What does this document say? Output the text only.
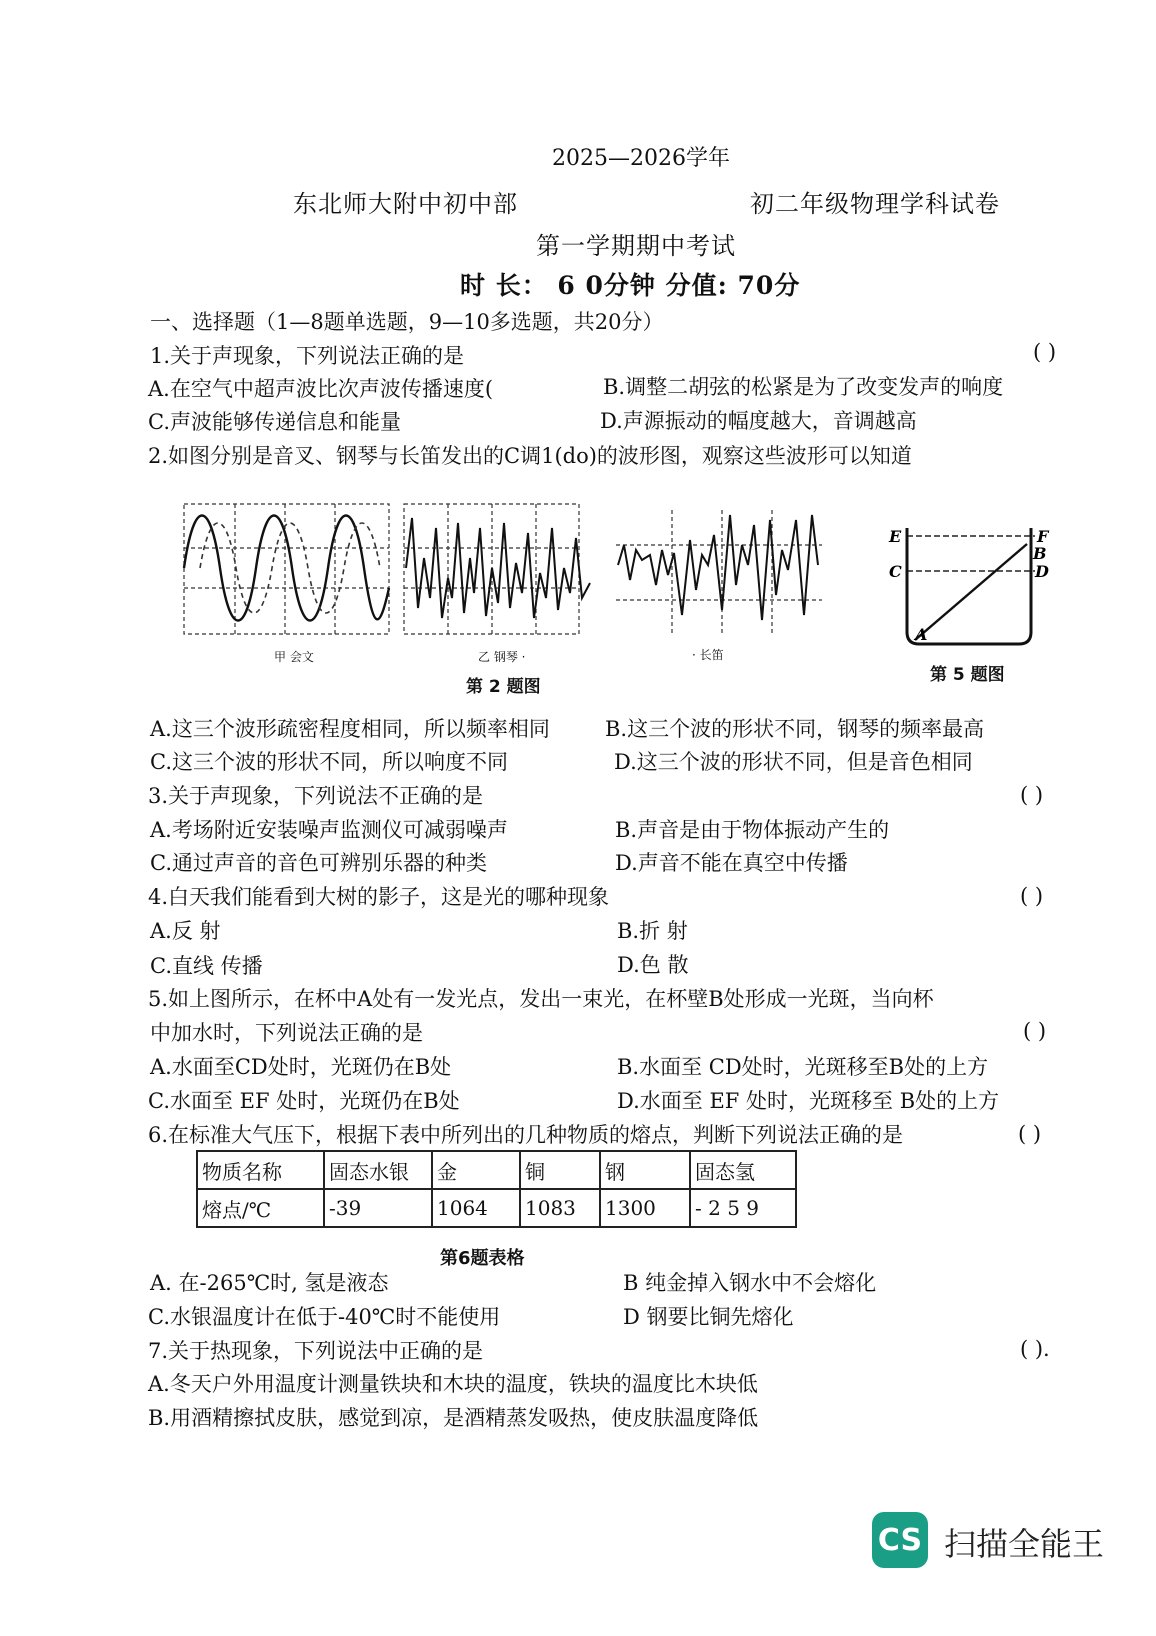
2025—2026学年
东北师大附中初中部	初二年级物理学科试卷
第一学期期中考试
时 长： 6 0分钟 分值: 70分
一、选择题（1—8题单选题，9—10多选题，共20分）
1.关于声现象，下列说法正确的是	( )
A.在空气中超声波比次声波传播速度(	B.调整二胡弦的松紧是为了改变发声的响度
C.声波能够传递信息和能量	D.声源振动的幅度越大，音调越高
2.如图分别是音叉、钢琴与长笛发出的C调1(do)的波形图，观察这些波形可以知道
E	F
B
C	D
A
甲 会文	乙 钢琴 ·	· 长笛
第 2 题图
第 5 题图
A.这三个波形疏密程度相同，所以频率相同	B.这三个波的形状不同，钢琴的频率最高
C.这三个波的形状不同，所以响度不同	D.这三个波的形状不同，但是音色相同
3.关于声现象，下列说法不正确的是	( )
A.考场附近安装噪声监测仪可减弱噪声	B.声音是由于物体振动产生的
C.通过声音的音色可辨别乐器的种类	D.声音不能在真空中传播
4.白天我们能看到大树的影子，这是光的哪种现象	( )
A.反 射	B.折 射
C.直线 传播	D.色 散
5.如上图所示，在杯中A处有一发光点，发出一束光，在杯壁B处形成一光斑，当向杯
中加水时，下列说法正确的是	( )
A.水面至CD处时，光斑仍在B处	B.水面至 CD处时，光斑移至B处的上方
C.水面至 EF 处时，光斑仍在B处	D.水面至 EF 处时，光斑移至 B处的上方
6.在标准大气压下，根据下表中所列出的几种物质的熔点，判断下列说法正确的是	( )
物质名称	固态水银	金	铜	钢	固态氢
熔点/℃	-39	1064	1083	1300	- 2 5 9
第6题表格
A. 在-265℃时, 氢是液态	B 纯金掉入钢水中不会熔化
C.水银温度计在低于-40℃时不能使用	D 钢要比铜先熔化
7.关于热现象，下列说法中正确的是	( ).
A.冬天户外用温度计测量铁块和木块的温度，铁块的温度比木块低
B.用酒精擦拭皮肤，感觉到凉，是酒精蒸发吸热，使皮肤温度降低
CS 扫描全能王
